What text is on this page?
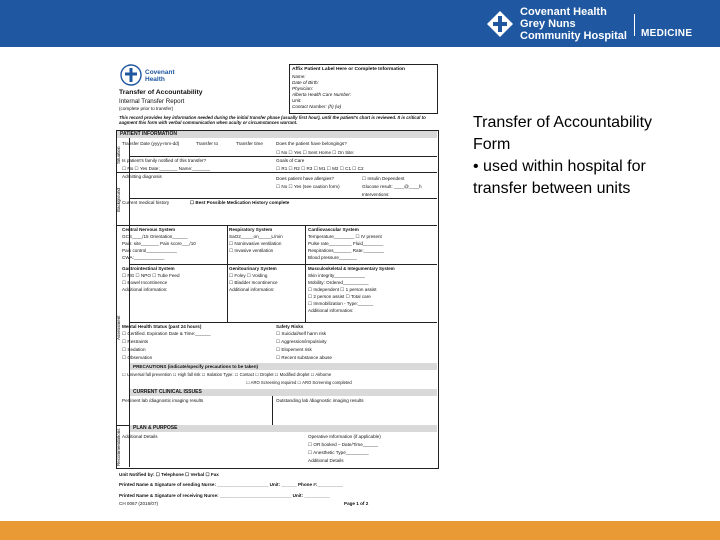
Covenant Health
Grey Nuns
Community Hospital MEDICINE
Covenant
Health
Transfer of Accountability
Internal Transfer Report
(complete prior to transfer)
Affix Patient Label Here or Complete Information
Name:
Date of Birth:
Physician:
Alberta Health Care Number:
Unit:
Contact Number: (h) (w)
This record provides key information needed during the initial transfer phase (usually first hour), until the patient's chart is reviewed. It is critical to augment this form with verbal communication when acuity or circumstances warrant.
PATIENT INFORMATION
Situation
Background
Assessment
Recommendations
Transfer Date (yyyy-mm-dd)	Transfer to	Transfer time	Does the patient have belongings?
☐ No ☐ Yes ☐ Sent Home ☐ On Site:
Is patient's family notified of this transfer?
☐ No ☐ Yes Date:_______ Name:_______
Goals of Care
☐ R1 ☐ R2 ☐ R3 ☐ M1 ☐ M2 ☐ C1 ☐ C2
Admitting diagnosis	Does patient have allergies?
☐ No ☐ Yes (see caution form)
☐ Insulin Dependent
Glucose result: ____@____h
Interventions:
Current medical history	☐ Best Possible Medication History complete
Central Nervous System
GCS____/15 Orientation______
Pain: site_______ Pain score___/10
Pain control____________
CWA:____________
Respiratory System
SaO2_____on_____L/min
☐ Noninvasive ventilation
☐ Invasive ventilation
Cardiovascular System
Temperature________ ☐ IV present
Pulse rate_________ Fluid________
Respirations_______ Rate:________
Blood pressure_______
Gastrointestinal System
☐ NG ☐ NPO ☐ Tube Feed
☐ Bowel Incontinence
Additional information:
Genitourinary System
☐ Foley ☐ Voiding
☐ Bladder Incontinence
Additional information:
Musculoskeletal & Integumentary System
Skin integrity____________
Mobility: Ordered__________
☐ Independent ☐ 1 person assist
☐ 2 person assist ☐ Total care
☐ Immobilization - Type:______
Additional information:
Mental Health Status (past 24 hours)
☐ Certified. Expiration Date & Time:______
☐ Restraints
☐ Sedation
☐ Observation
Safety Risks
☐ Suicidal/self harm risk
☐ Aggression/impulsivity
☐ Elopement risk
☐ Recent substance abuse
PRECAUTIONS (indicate/specify precautions to be taken)
☐ Universal fall prevention ☐ High fall risk ☐ Isolation Type: ☐ Contact ☐ Droplet ☐ Modified droplet ☐ Airborne
☐ ARO Screening required ☐ ARO Screening completed
CURRENT CLINICAL ISSUES
Pertinent lab /diagnostic imaging results	Outstanding lab /diagnostic imaging results
PLAN & PURPOSE
Additional Details	Operative Information (if applicable)
☐ OR booked – Date/Time______
☐ Anesthetic Type_________
Additional Details
Unit Notified by: ☐ Telephone ☐ Verbal ☐ Fax
Printed Name & Signature of sending Nurse: ____________________ Unit: ______ Phone #:__________
Printed Name & Signature of receiving Nurse: ____________________________ Unit: __________
CH 0067 (2016/07)	Page 1 of 2
Transfer of Accountability
Form
• used within hospital for
transfer between units
